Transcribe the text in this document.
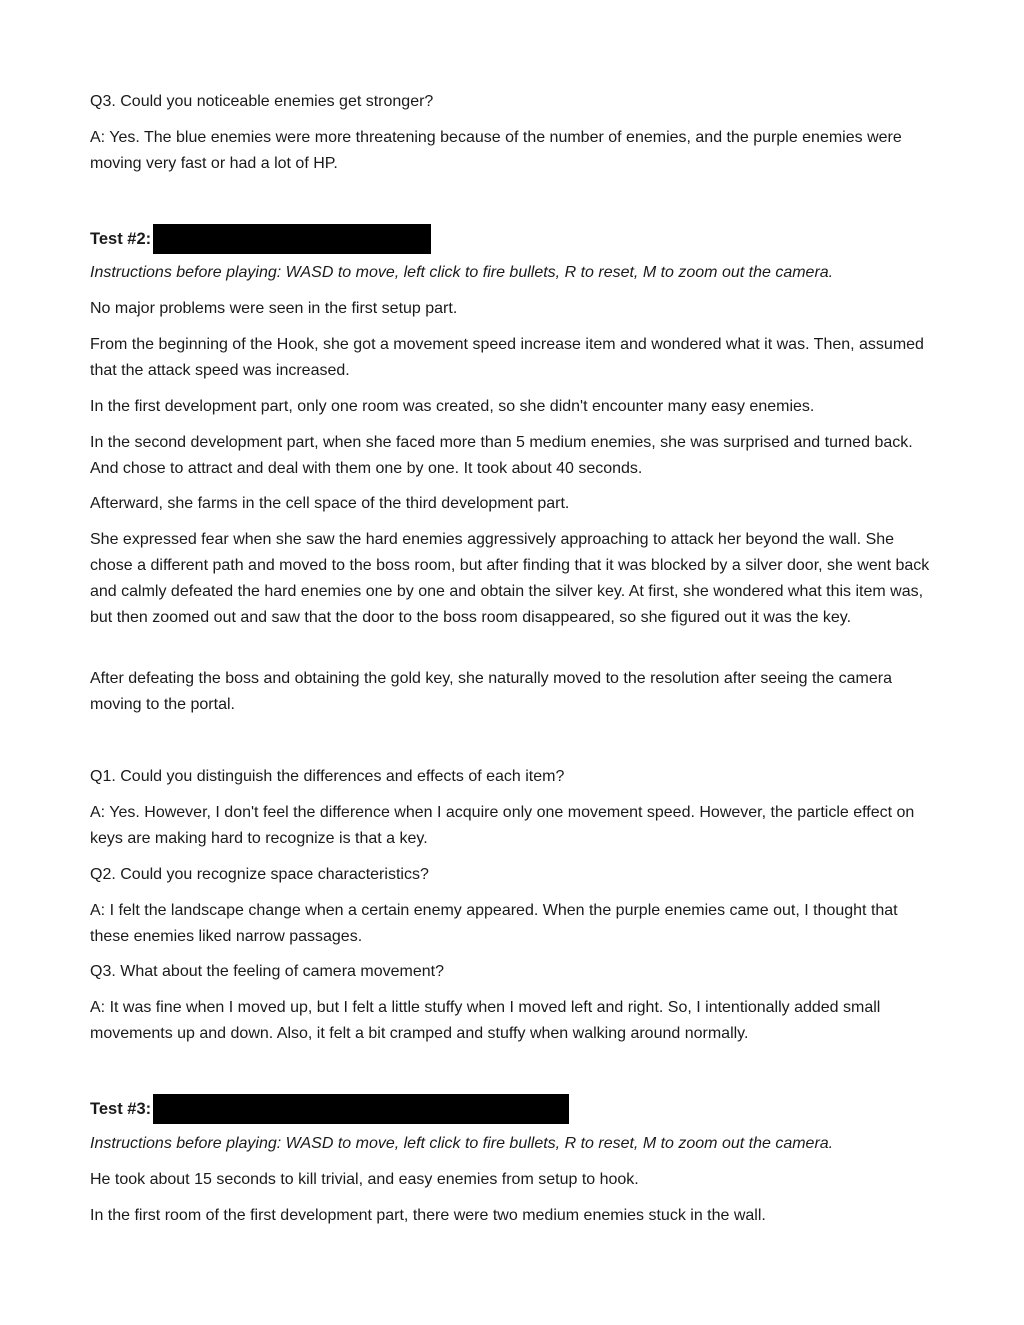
Q3. Could you noticeable enemies get stronger?

A: Yes. The blue enemies were more threatening because of the number of enemies, and the purple enemies were moving very fast or had a lot of HP.

Test #2:

Instructions before playing: WASD to move, left click to fire bullets, R to reset, M to zoom out the camera.

No major problems were seen in the first setup part.

From the beginning of the Hook, she got a movement speed increase item and wondered what it was. Then, assumed that the attack speed was increased.

In the first development part, only one room was created, so she didn't encounter many easy enemies.

In the second development part, when she faced more than 5 medium enemies, she was surprised and turned back. And chose to attract and deal with them one by one. It took about 40 seconds.

Afterward, she farms in the cell space of the third development part.

She expressed fear when she saw the hard enemies aggressively approaching to attack her beyond the wall. She chose a different path and moved to the boss room, but after finding that it was blocked by a silver door, she went back and calmly defeated the hard enemies one by one and obtain the silver key. At first, she wondered what this item was, but then zoomed out and saw that the door to the boss room disappeared, so she figured out it was the key.

After defeating the boss and obtaining the gold key, she naturally moved to the resolution after seeing the camera moving to the portal.

Q1. Could you distinguish the differences and effects of each item?

A: Yes. However, I don't feel the difference when I acquire only one movement speed. However, the particle effect on keys are making hard to recognize is that a key.

Q2. Could you recognize space characteristics?

A: I felt the landscape change when a certain enemy appeared. When the purple enemies came out, I thought that these enemies liked narrow passages.

Q3. What about the feeling of camera movement?

A: It was fine when I moved up, but I felt a little stuffy when I moved left and right. So, I intentionally added small movements up and down. Also, it felt a bit cramped and stuffy when walking around normally.

Test #3:

Instructions before playing: WASD to move, left click to fire bullets, R to reset, M to zoom out the camera.

He took about 15 seconds to kill trivial, and easy enemies from setup to hook.

In the first room of the first development part, there were two medium enemies stuck in the wall.
